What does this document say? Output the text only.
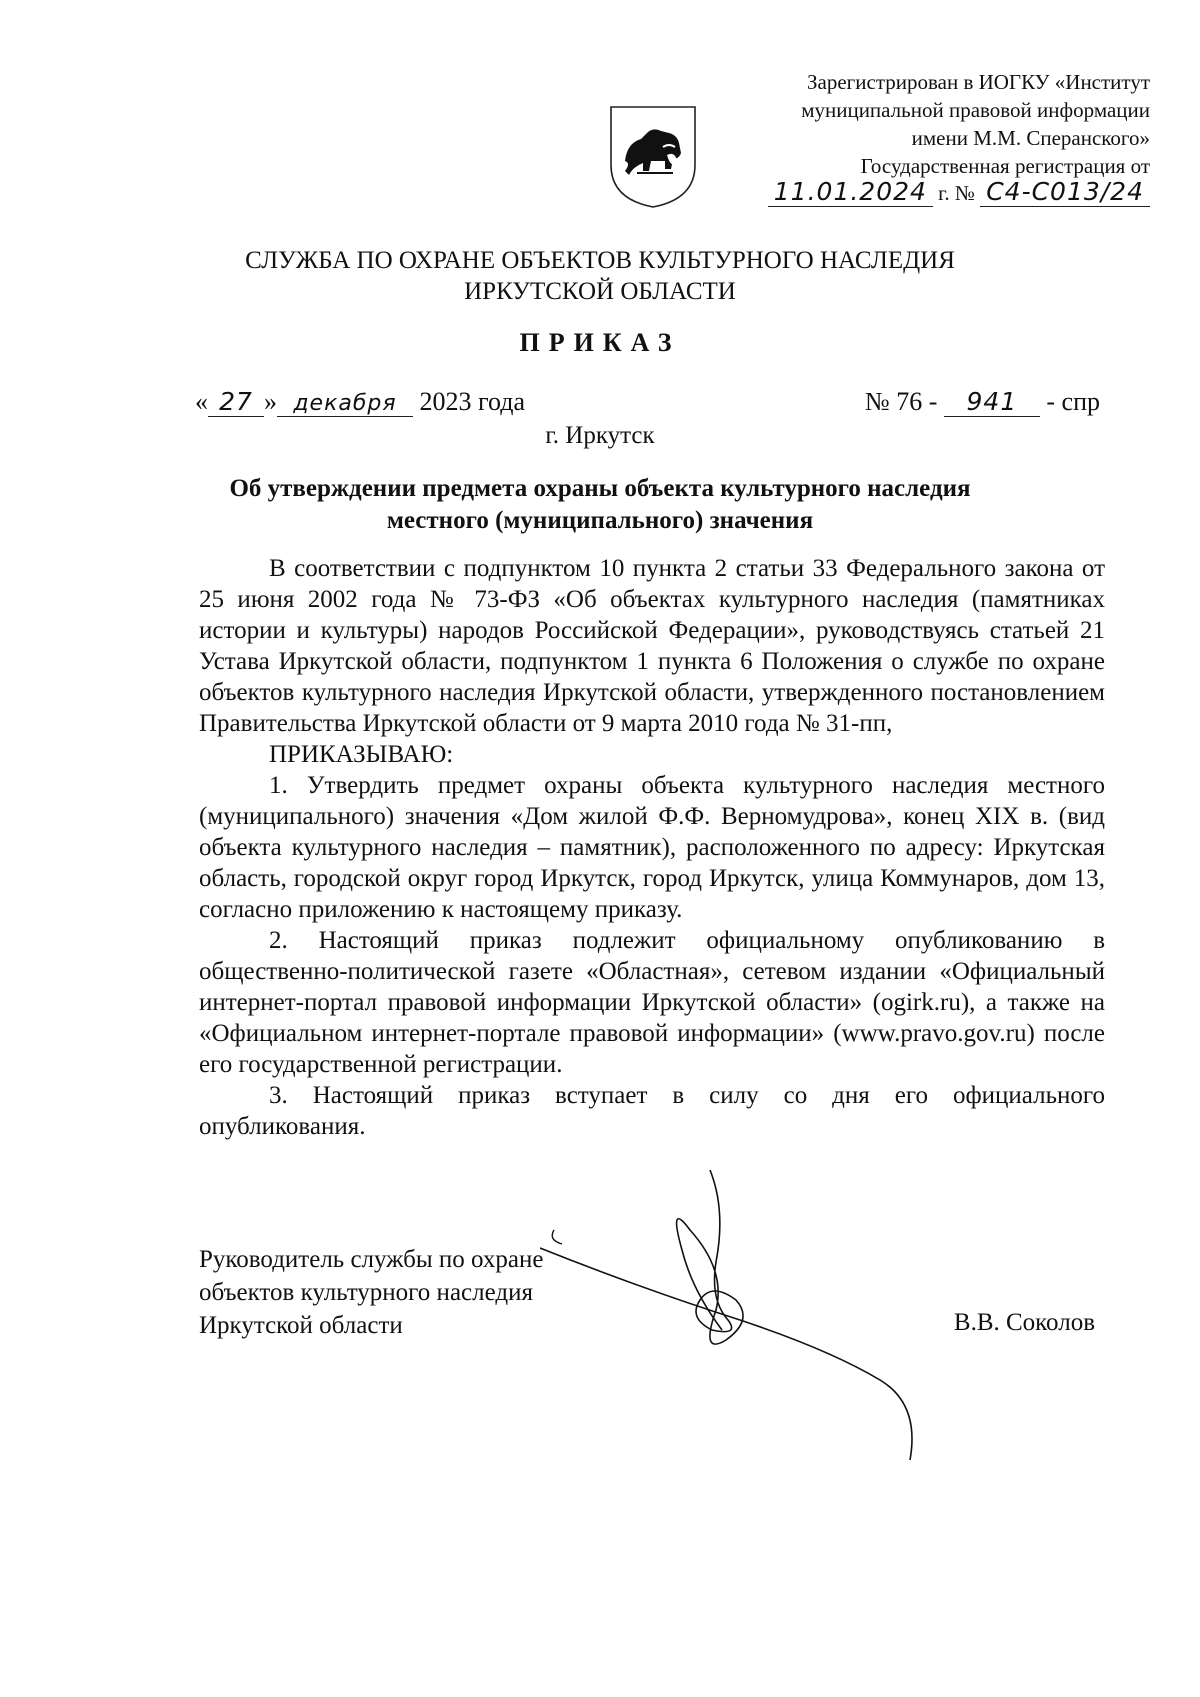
Зарегистрирован в ИОГКУ «Институт
муниципальной правовой информации
имени М.М. Сперанского»
Государственная регистрация от
11.01.2024 г. № С4-С013/24
СЛУЖБА ПО ОХРАНЕ ОБЪЕКТОВ КУЛЬТУРНОГО НАСЛЕДИЯ
ИРКУТСКОЙ ОБЛАСТИ
ПРИКАЗ
« 27 » декабря 2023 года	№ 76 - 941 - спр
г. Иркутск
Об утверждении предмета охраны объекта культурного наследия
местного (муниципального) значения

В соответствии с подпунктом 10 пункта 2 статьи 33 Федерального закона от 25 июня 2002 года № 73-ФЗ «Об объектах культурного наследия (памятниках истории и культуры) народов Российской Федерации», руководствуясь статьей 21 Устава Иркутской области, подпунктом 1 пункта 6 Положения о службе по охране объектов культурного наследия Иркутской области, утвержденного постановлением Правительства Иркутской области от 9 марта 2010 года № 31-пп,

ПРИКАЗЫВАЮ:

1. Утвердить предмет охраны объекта культурного наследия местного (муниципального) значения «Дом жилой Ф.Ф. Верномудрова», конец XIX в. (вид объекта культурного наследия – памятник), расположенного по адресу: Иркутская область, городской округ город Иркутск, город Иркутск, улица Коммунаров, дом 13, согласно приложению к настоящему приказу.

2. Настоящий приказ подлежит официальному опубликованию в общественно-политической газете «Областная», сетевом издании «Официальный интернет-портал правовой информации Иркутской области» (ogirk.ru), а также на «Официальном интернет-портале правовой информации» (www.pravo.gov.ru) после его государственной регистрации.

3. Настоящий приказ вступает в силу со дня его официального опубликования.

Руководитель службы по охране
объектов культурного наследия
Иркутской области	В.В. Соколов
